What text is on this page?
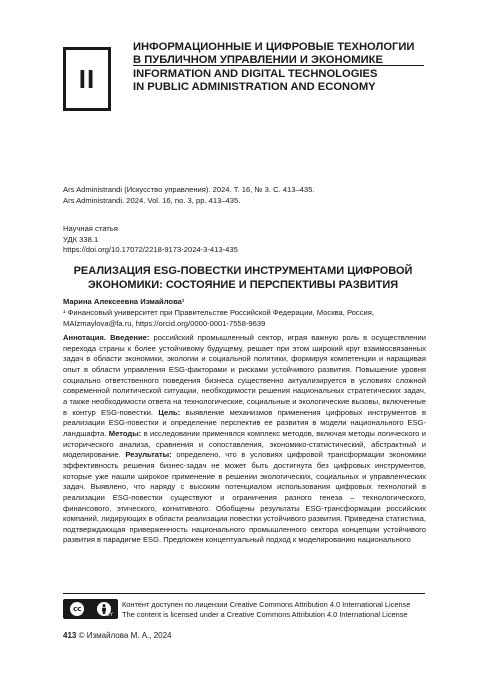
II
ИНФОРМАЦИОННЫЕ И ЦИФРОВЫЕ ТЕХНОЛОГИИ
В ПУБЛИЧНОМ УПРАВЛЕНИИ И ЭКОНОМИКЕ
INFORMATION AND DIGITAL TECHNOLOGIES
IN PUBLIC ADMINISTRATION AND ECONOMY
Ars Administrandi (Искусство управления). 2024. Т. 16, № 3. С. 413–435.
Ars Administrandi. 2024. Vol. 16, no. 3, pp. 413–435.
Научная статья
УДК 338.1
https://doi.org/10.17072/2218-9173-2024-3-413-435
РЕАЛИЗАЦИЯ ESG-ПОВЕСТКИ ИНСТРУМЕНТАМИ ЦИФРОВОЙ
ЭКОНОМИКИ: СОСТОЯНИЕ И ПЕРСПЕКТИВЫ РАЗВИТИЯ
Марина Алексеевна Измайлова¹
¹ Финансовый университет при Правительстве Российской Федерации, Москва, Россия,
MAIzmaylova@fa.ru, https://orcid.org/0000-0001-7558-9639
Аннотация. Введение: российский промышленный сектор, играя важную роль в осуществлении перехода страны к более устойчивому будущему, решает при этом широкий круг взаимосвязанных задач в области экономики, экологии и социальной политики, формируя компетенции и наращивая опыт в области управления ESG-факторами и рисками устойчивого развития. Повышение уровня социально ответственного поведения бизнеса существенно актуализируется в условиях сложной современной политической ситуации, необходимости решения национальных стратегических задач, а также необходимости ответа на технологические, социальные и экологические вызовы, включенные в контур ESG-повестки. Цель: выявление механизмов применения цифровых инструментов в реализации ESG-повестки и определение перспектив ее развития в модели национального ESG-ландшафта. Методы: в исследовании применялся комплекс методов, включая методы логического и исторического анализа, сравнения и сопоставления, экономико-статистический, абстрактный и моделирование. Результаты: определено, что в условиях цифровой трансформации экономики эффективность решения бизнес-задач не может быть достигнута без цифровых инструментов, которые уже нашли широкое применение в решении экологических, социальных и управленческих задач. Выявлено, что наряду с высоким потенциалом использования цифровых технологий в реализации ESG-повестки существуют и ограничения разного генеза – технологического, финансового, этического, когнитивного. Обобщены результаты ESG-трансформации российских компаний, лидирующих в области реализации повестки устойчивого развития. Приведена статистика, подтверждающая приверженность национального промышленного сектора концепции устойчивого развития в парадигме ESG. Предложен концептуальный подход к моделированию национального
cc
BY
Контент доступен по лицензии Creative Commons Attribution 4.0 International License
The content is licensed under a Creative Commons Attribution 4.0 International License
413 © Измайлова М. А., 2024
